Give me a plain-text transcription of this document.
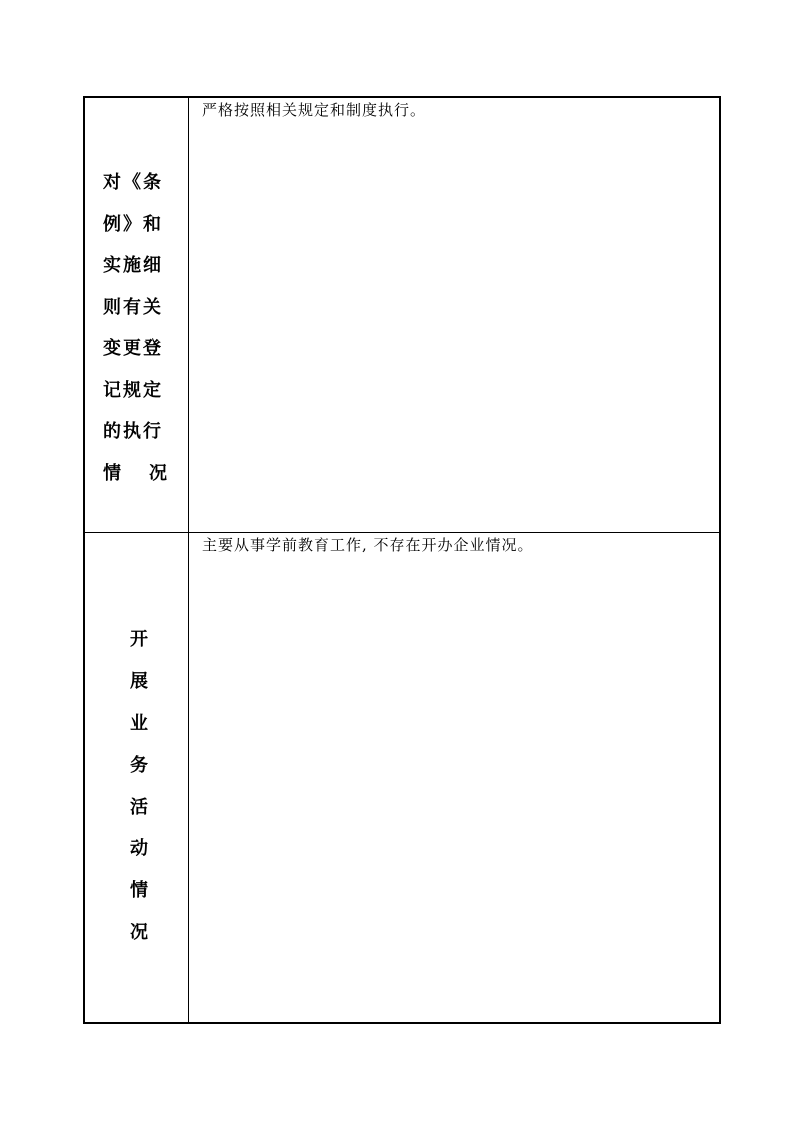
对《条
例》和
实施细
则有关
变更登
记规定
的执行
情 况
严格按照相关规定和制度执行。
开
展
业
务
活
动
情
况
主要从事学前教育工作, 不存在开办企业情况。
